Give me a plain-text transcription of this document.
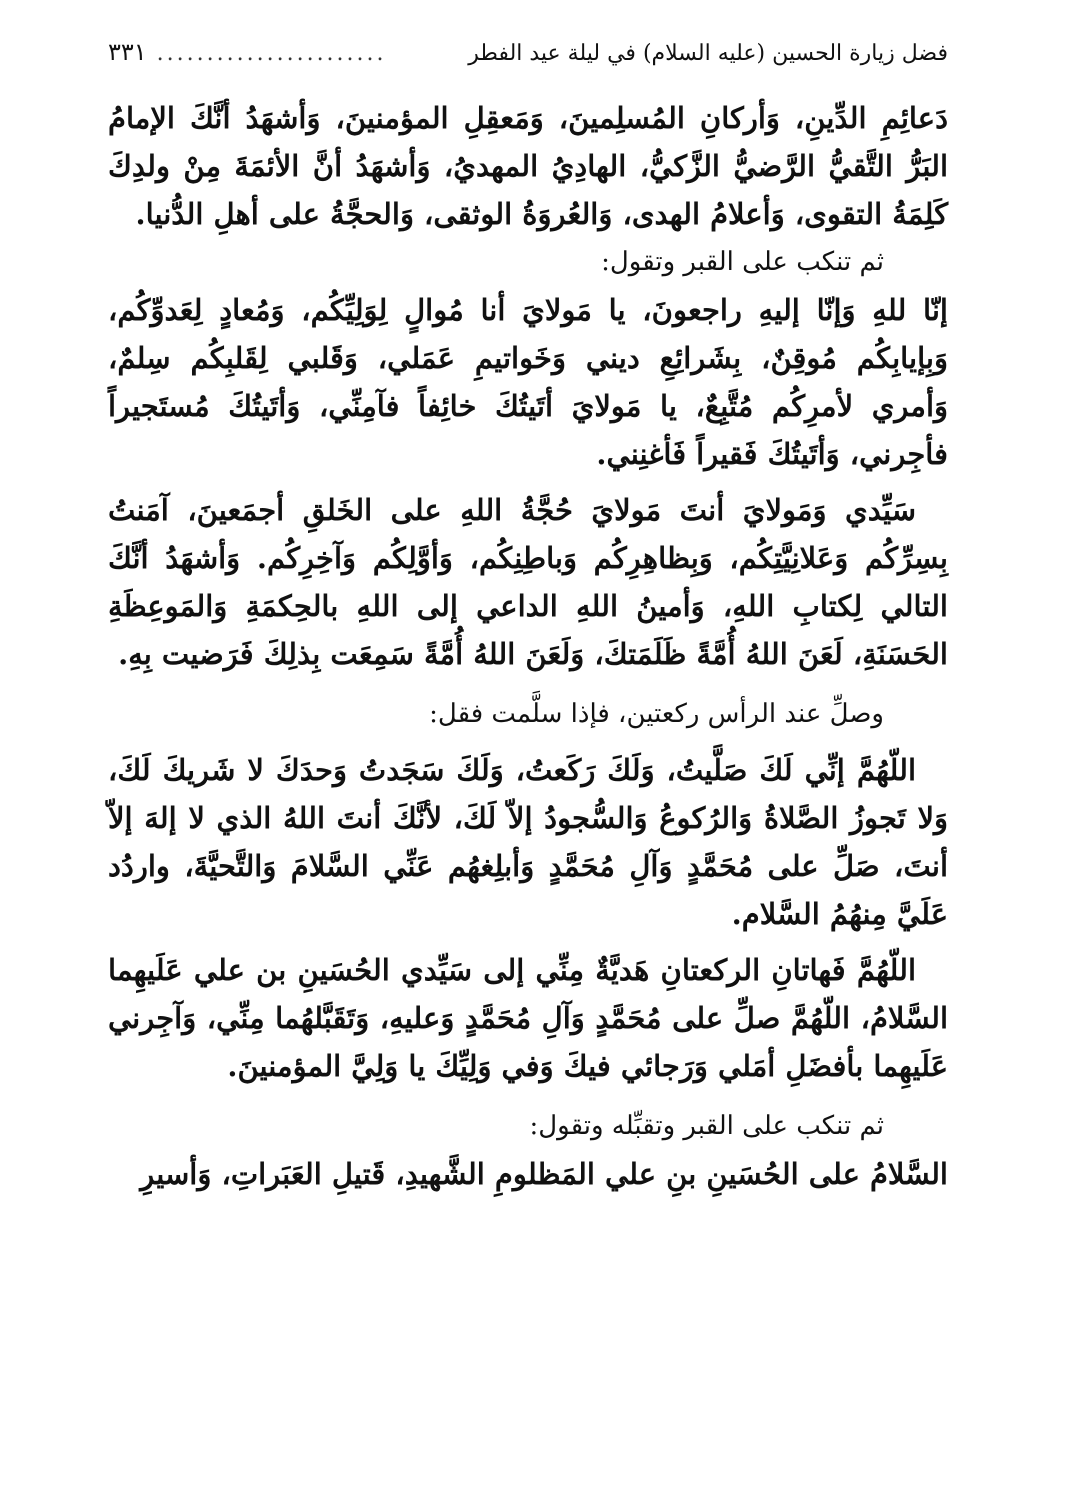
فضل زيارة الحسين (عليه السلام) في ليلة عيد الفطر
.......................
٣٣١

دَعائِمِ الدِّينِ، وَأركانِ المُسلِمينَ، وَمَعقِلِ المؤمنينَ، وَأشهَدُ أنَّكَ الإمامُ البَرُّ التَّقيُّ الرَّضيُّ الزَّكيُّ، الهادِيُ المهديُ، وَأشهَدُ أنَّ الأئمَةَ مِنْ ولدِكَ كَلِمَةُ التقوى، وَأعلامُ الهدى، وَالعُروَةُ الوثقى، وَالحجَّةُ على أهلِ الدُّنيا.

ثم تنكب على القبر وتقول:

إنّا للهِ وَإنّا إليهِ راجعونَ، يا مَولايَ أنا مُوالٍ لِوَلِيِّكُم، وَمُعادٍ لِعَدوِّكُم، وَبِإيابِكُم مُوقِنٌ، بِشَرائِعِ ديني وَخَواتيمِ عَمَلي، وَقَلبي لِقَلبِكُم سِلمٌ، وَأمري لأمرِكُم مُتَّبِعٌ، يا مَولايَ أتَيتُكَ خائِفاً فآمِنِّي، وَأتَيتُكَ مُستَجيراً فأجِرني، وَأتَيتُكَ فَقيراً فَأغنِني.

سَيِّدي وَمَولايَ أنتَ مَولايَ حُجَّةُ اللهِ على الخَلقِ أجمَعينَ، آمَنتُ بِسِرِّكُم وَعَلانِيَّتِكُم، وَبِظاهِرِكُم وَباطِنِكُم، وَأوَّلِكُم وَآخِرِكُم. وَأشهَدُ أنَّكَ التالي لِكتابِ اللهِ، وَأمينُ اللهِ الداعي إلى اللهِ بالحِكمَةِ وَالمَوعِظَةِ الحَسَنَةِ، لَعَنَ اللهُ أُمَّةً ظَلَمَتكَ، وَلَعَنَ اللهُ أُمَّةً سَمِعَت بِذلِكَ فَرَضيت بِهِ.

وصلِّ عند الرأس ركعتين، فإذا سلَّمت فقل:

اللّهُمَّ إنِّي لَكَ صَلَّيتُ، وَلَكَ رَكَعتُ، وَلَكَ سَجَدتُ وَحدَكَ لا شَريكَ لَكَ، وَلا تَجوزُ الصَّلاةُ وَالرُكوعُ وَالسُّجودُ إلاّ لَكَ، لأنَّكَ أنتَ اللهُ الذي لا إلهَ إلاّ أنتَ، صَلِّ على مُحَمَّدٍ وَآلِ مُحَمَّدٍ وَأبلِغهُم عَنِّي السَّلامَ وَالتَّحيَّةَ، واردُد عَلَيَّ مِنهُمُ السَّلام.

اللّهُمَّ فَهاتانِ الركعتانِ هَديَّةٌ مِنِّي إلى سَيِّدي الحُسَينِ بن علي عَلَيهِما السَّلامُ، اللّهُمَّ صلِّ على مُحَمَّدٍ وَآلِ مُحَمَّدٍ وَعليهِ، وَتَقَبَّلهُما مِنِّي، وَآجِرني عَلَيهِما بأفضَلِ أمَلي وَرَجائي فيكَ وَفي وَلِيِّكَ يا وَلِيَّ المؤمنينَ.

ثم تنكب على القبر وتقبِّله وتقول:

السَّلامُ على الحُسَينِ بنِ علي المَظلومِ الشَّهيدِ، قَتيلِ العَبَراتِ، وَأسيرِ
